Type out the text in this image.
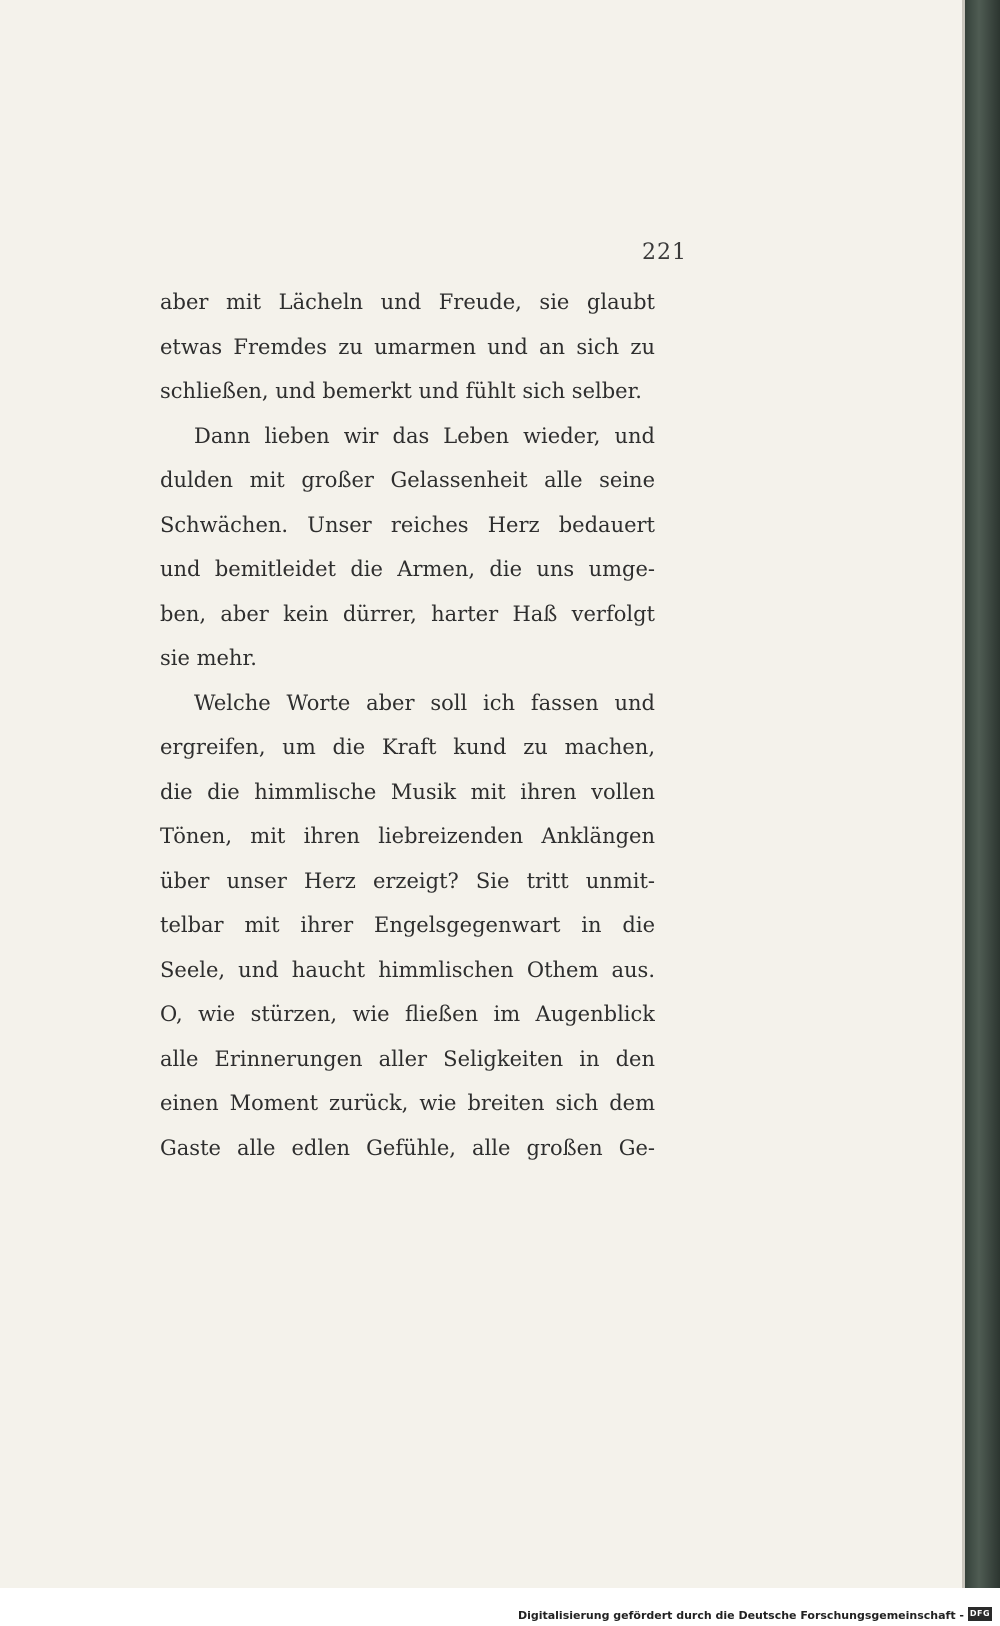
221
aber mit Lächeln und Freude, sie glaubt
etwas Fremdes zu umarmen und an sich zu
schließen, und bemerkt und fühlt sich selber.
Dann lieben wir das Leben wieder, und
dulden mit großer Gelassenheit alle seine
Schwächen. Unser reiches Herz bedauert
und bemitleidet die Armen, die uns umge-
ben, aber kein dürrer, harter Haß verfolgt
sie mehr.
Welche Worte aber soll ich fassen und
ergreifen, um die Kraft kund zu machen,
die die himmlische Musik mit ihren vollen
Tönen, mit ihren liebreizenden Anklängen
über unser Herz erzeigt? Sie tritt unmit-
telbar mit ihrer Engelsgegenwart in die
Seele, und haucht himmlischen Othem aus.
O, wie stürzen, wie fließen im Augenblick
alle Erinnerungen aller Seligkeiten in den
einen Moment zurück, wie breiten sich dem
Gaste alle edlen Gefühle, alle großen Ge-
Digitalisierung gefördert durch die Deutsche Forschungsgemeinschaft - DFG
